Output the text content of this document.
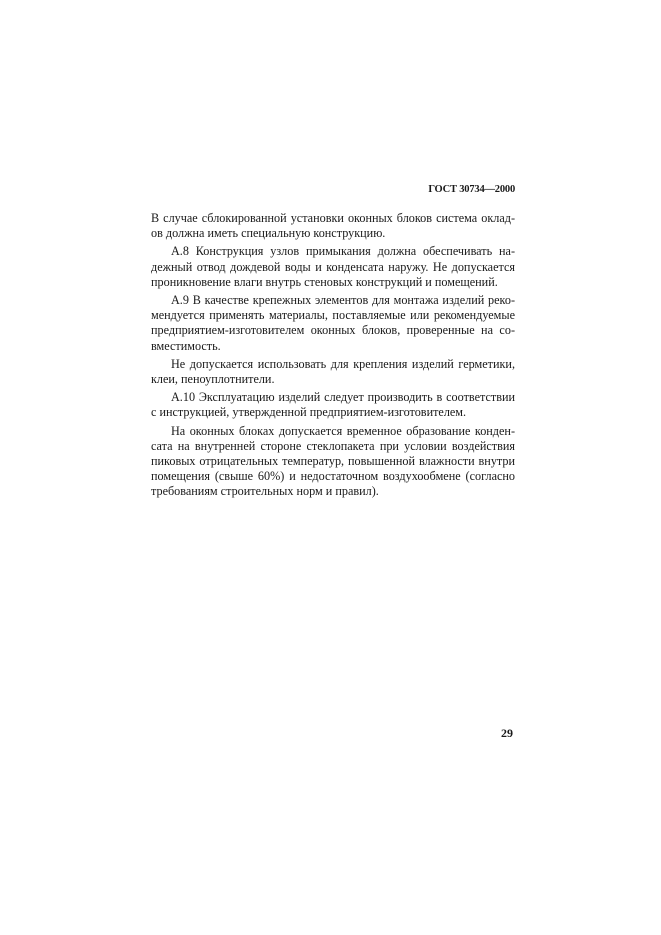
ГОСТ 30734—2000

В случае сблокированной установки оконных блоков система окладов должна иметь специальную конструкцию.

А.8 Конструкция узлов примыкания должна обеспечивать надежный отвод дождевой воды и конденсата наружу. Не допускается проникновение влаги внутрь стеновых конструкций и помещений.

А.9 В качестве крепежных элементов для монтажа изделий рекомендуется применять материалы, поставляемые или рекомендуемые предприятием-изготовителем оконных блоков, проверенные на совместимость.

Не допускается использовать для крепления изделий герметики, клеи, пеноуплотнители.

А.10 Эксплуатацию изделий следует производить в соответствии с инструкцией, утвержденной предприятием-изготовителем.

На оконных блоках допускается временное образование конденсата на внутренней стороне стеклопакета при условии воздействия пиковых отрицательных температур, повышенной влажности внутри помещения (свыше 60%) и недостаточном воздухообмене (согласно требованиям строительных норм и правил).

29
